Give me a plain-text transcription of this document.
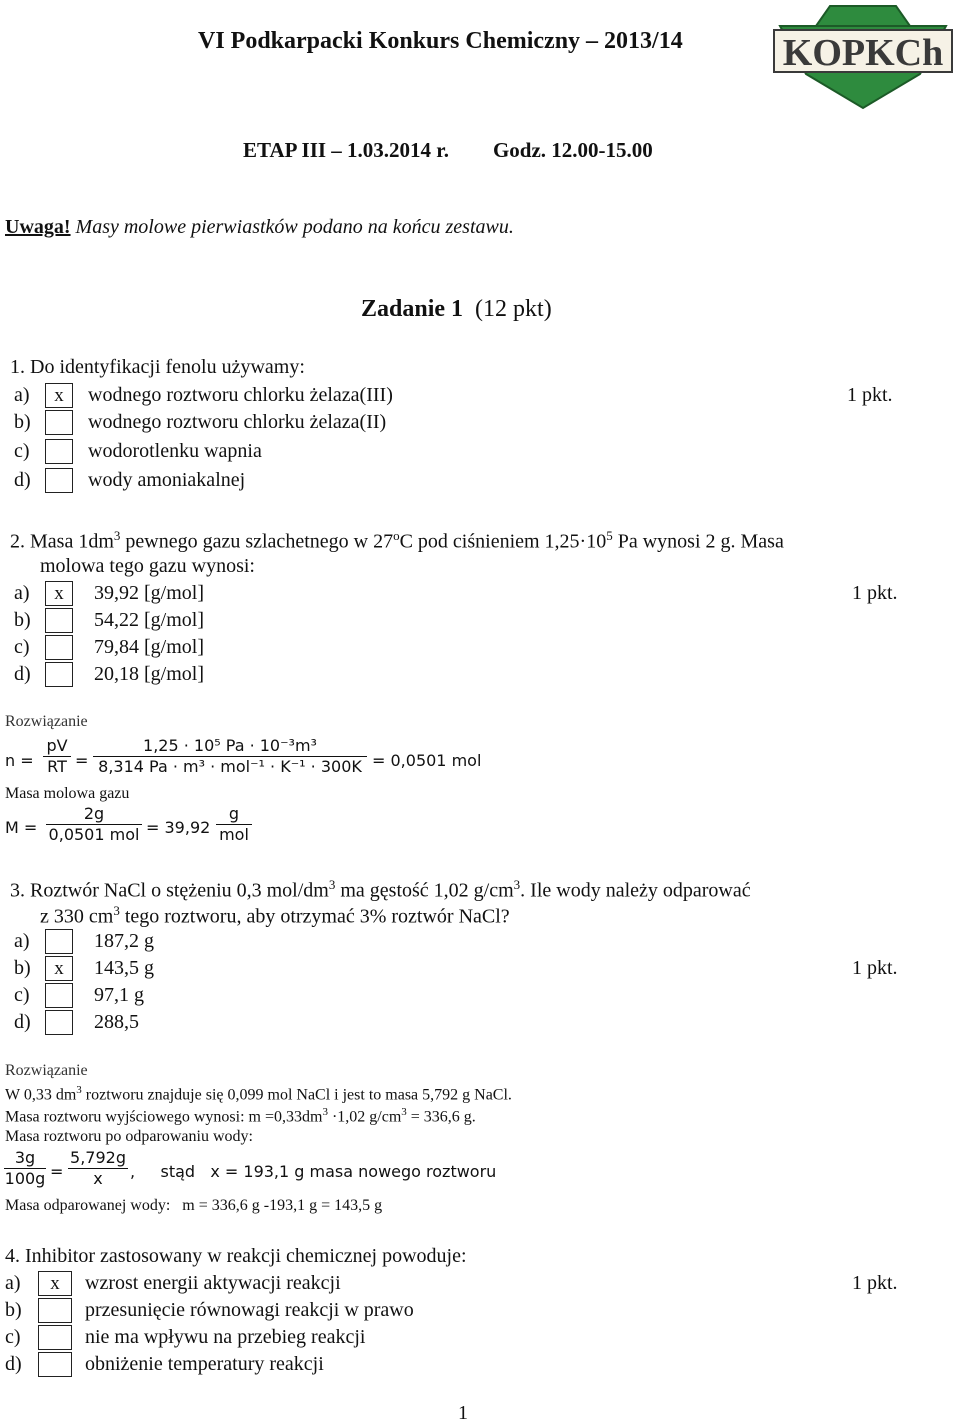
VI Podkarpacki Konkurs Chemiczny – 2013/14	KOPKCh
ETAP III – 1.03.2014 r. Godz. 12.00-15.00
Uwaga! Masy molowe pierwiastków podano na końcu zestawu.
Zadanie 1 (12 pkt)
1. Do identyfikacji fenolu używamy:
a)	x	wodnego roztworu chlorku żelaza(III)	1 pkt.
b)	wodnego roztworu chlorku żelaza(II)
c)	wodorotlenku wapnia
d)	wody amoniakalnej
2. Masa $1dm^3$ pewnego gazu szlachetnego w 27$^o$C pod ciśnieniem $1,25\cdot 10^5$ Pa wynosi 2 g. Masa
molowa tego gazu wynosi:
a)	x	39,92 [g/mol]	1 pkt.
b)	54,22 [g/mol]
c)	79,84 [g/mol]
d)	20,18 [g/mol]
Rozwiązanie
$n = \frac{pV}{RT}$ =
1,25 · 10⁵ Pa · 10⁻³m³
8,314 Pa · m³ · mol⁻¹ · K⁻¹ · 300K = 0,0501 mol
Masa molowa gazu
M =
2g
0,0501 mol = 39,92
g
mol
3. Roztwór NaCl o stężeniu 0,3 mol/$dm^3$ ma gęstość 1,02 $g/cm^3$. Ile wody należy odparować
z 330 $cm^3$ tego roztworu, aby otrzymać 3% roztwór NaCl?
a)	187,2 g
b)	x	143,5 g	1 pkt.
c)	97,1 g
d)	288,5
Rozwiązanie
W 0,33 $dm^3$ roztworu znajduje się 0,099 mol NaCl i jest to masa 5,792 g NaCl.
Masa roztworu wyjściowego wynosi: $m =0,33dm^3 \cdot 1,02$ $g/cm^3 = 336,6$ g.
Masa roztworu po odparowaniu wody:
$\frac{3g}{100g} = \frac{5,792g}{x}$ ,     stąd   x = 193,1 g masa nowego roztworu
Masa odparowanej wody:   m = 336,6 g -193,1 g = 143,5 g
4. Inhibitor zastosowany w reakcji chemicznej powoduje:
a)	x	wzrost energii aktywacji reakcji	1 pkt.
b)	przesunięcie równowagi reakcji w prawo
c)	nie ma wpływu na przebieg reakcji
d)	obniżenie temperatury reakcji
1
